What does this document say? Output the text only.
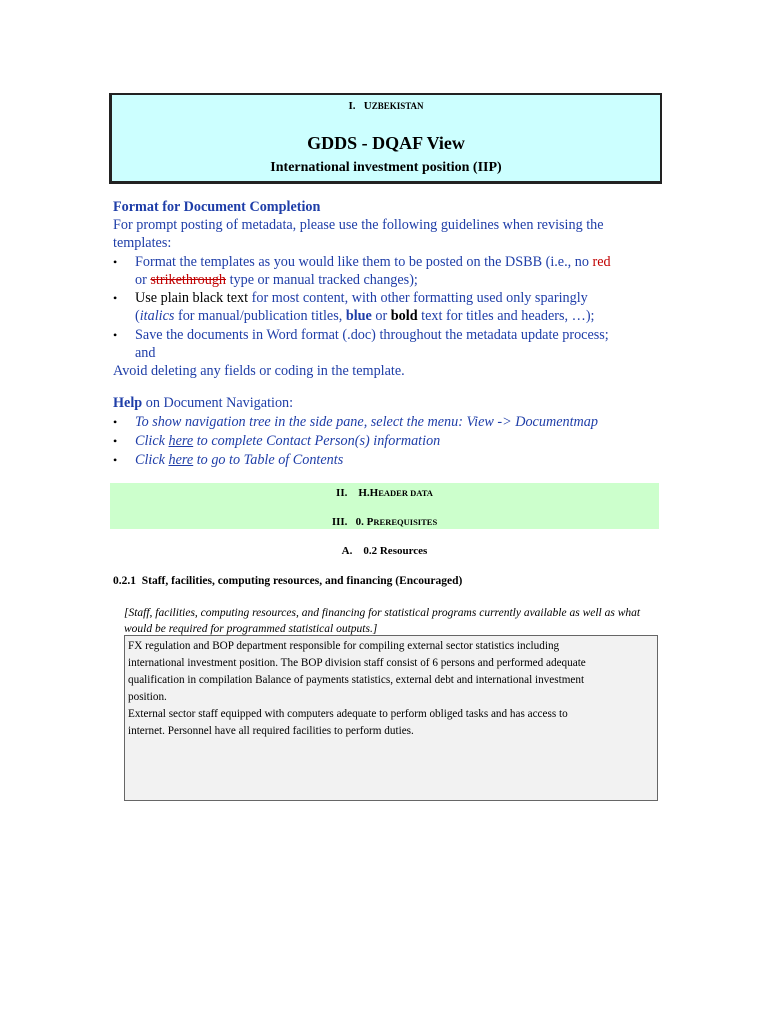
I. UZBEKISTAN
GDDS - DQAF View
International investment position (IIP)
Format for Document Completion
For prompt posting of metadata, please use the following guidelines when revising the
templates:
• Format the templates as you would like them to be posted on the DSBB (i.e., no red
or strikethrough type or manual tracked changes);
• Use plain black text for most content, with other formatting used only sparingly
(italics for manual/publication titles, blue or bold text for titles and headers, …);
• Save the documents in Word format (.doc) throughout the metadata update process;
and
Avoid deleting any fields or coding in the template.
Help on Document Navigation:
• To show navigation tree in the side pane, select the menu: View -> Documentmap
• Click here to complete Contact Person(s) information
• Click here to go to Table of Contents
II. H.HEADER DATA
III. 0. PREREQUISITES
A.    0.2 Resources
0.2.1  Staff, facilities, computing resources, and financing (Encouraged)
[Staff, facilities, computing resources, and financing for statistical programs currently available as well as what would be required for programmed statistical outputs.]
FX regulation and BOP department responsible for compiling external sector statistics including
international investment position. The BOP division staff consist of 6 persons and performed adequate
qualification in compilation Balance of payments statistics, external debt and international investment
position.
External sector staff equipped with computers adequate to perform obliged tasks and has access to
internet. Personnel have all required facilities to perform duties.
